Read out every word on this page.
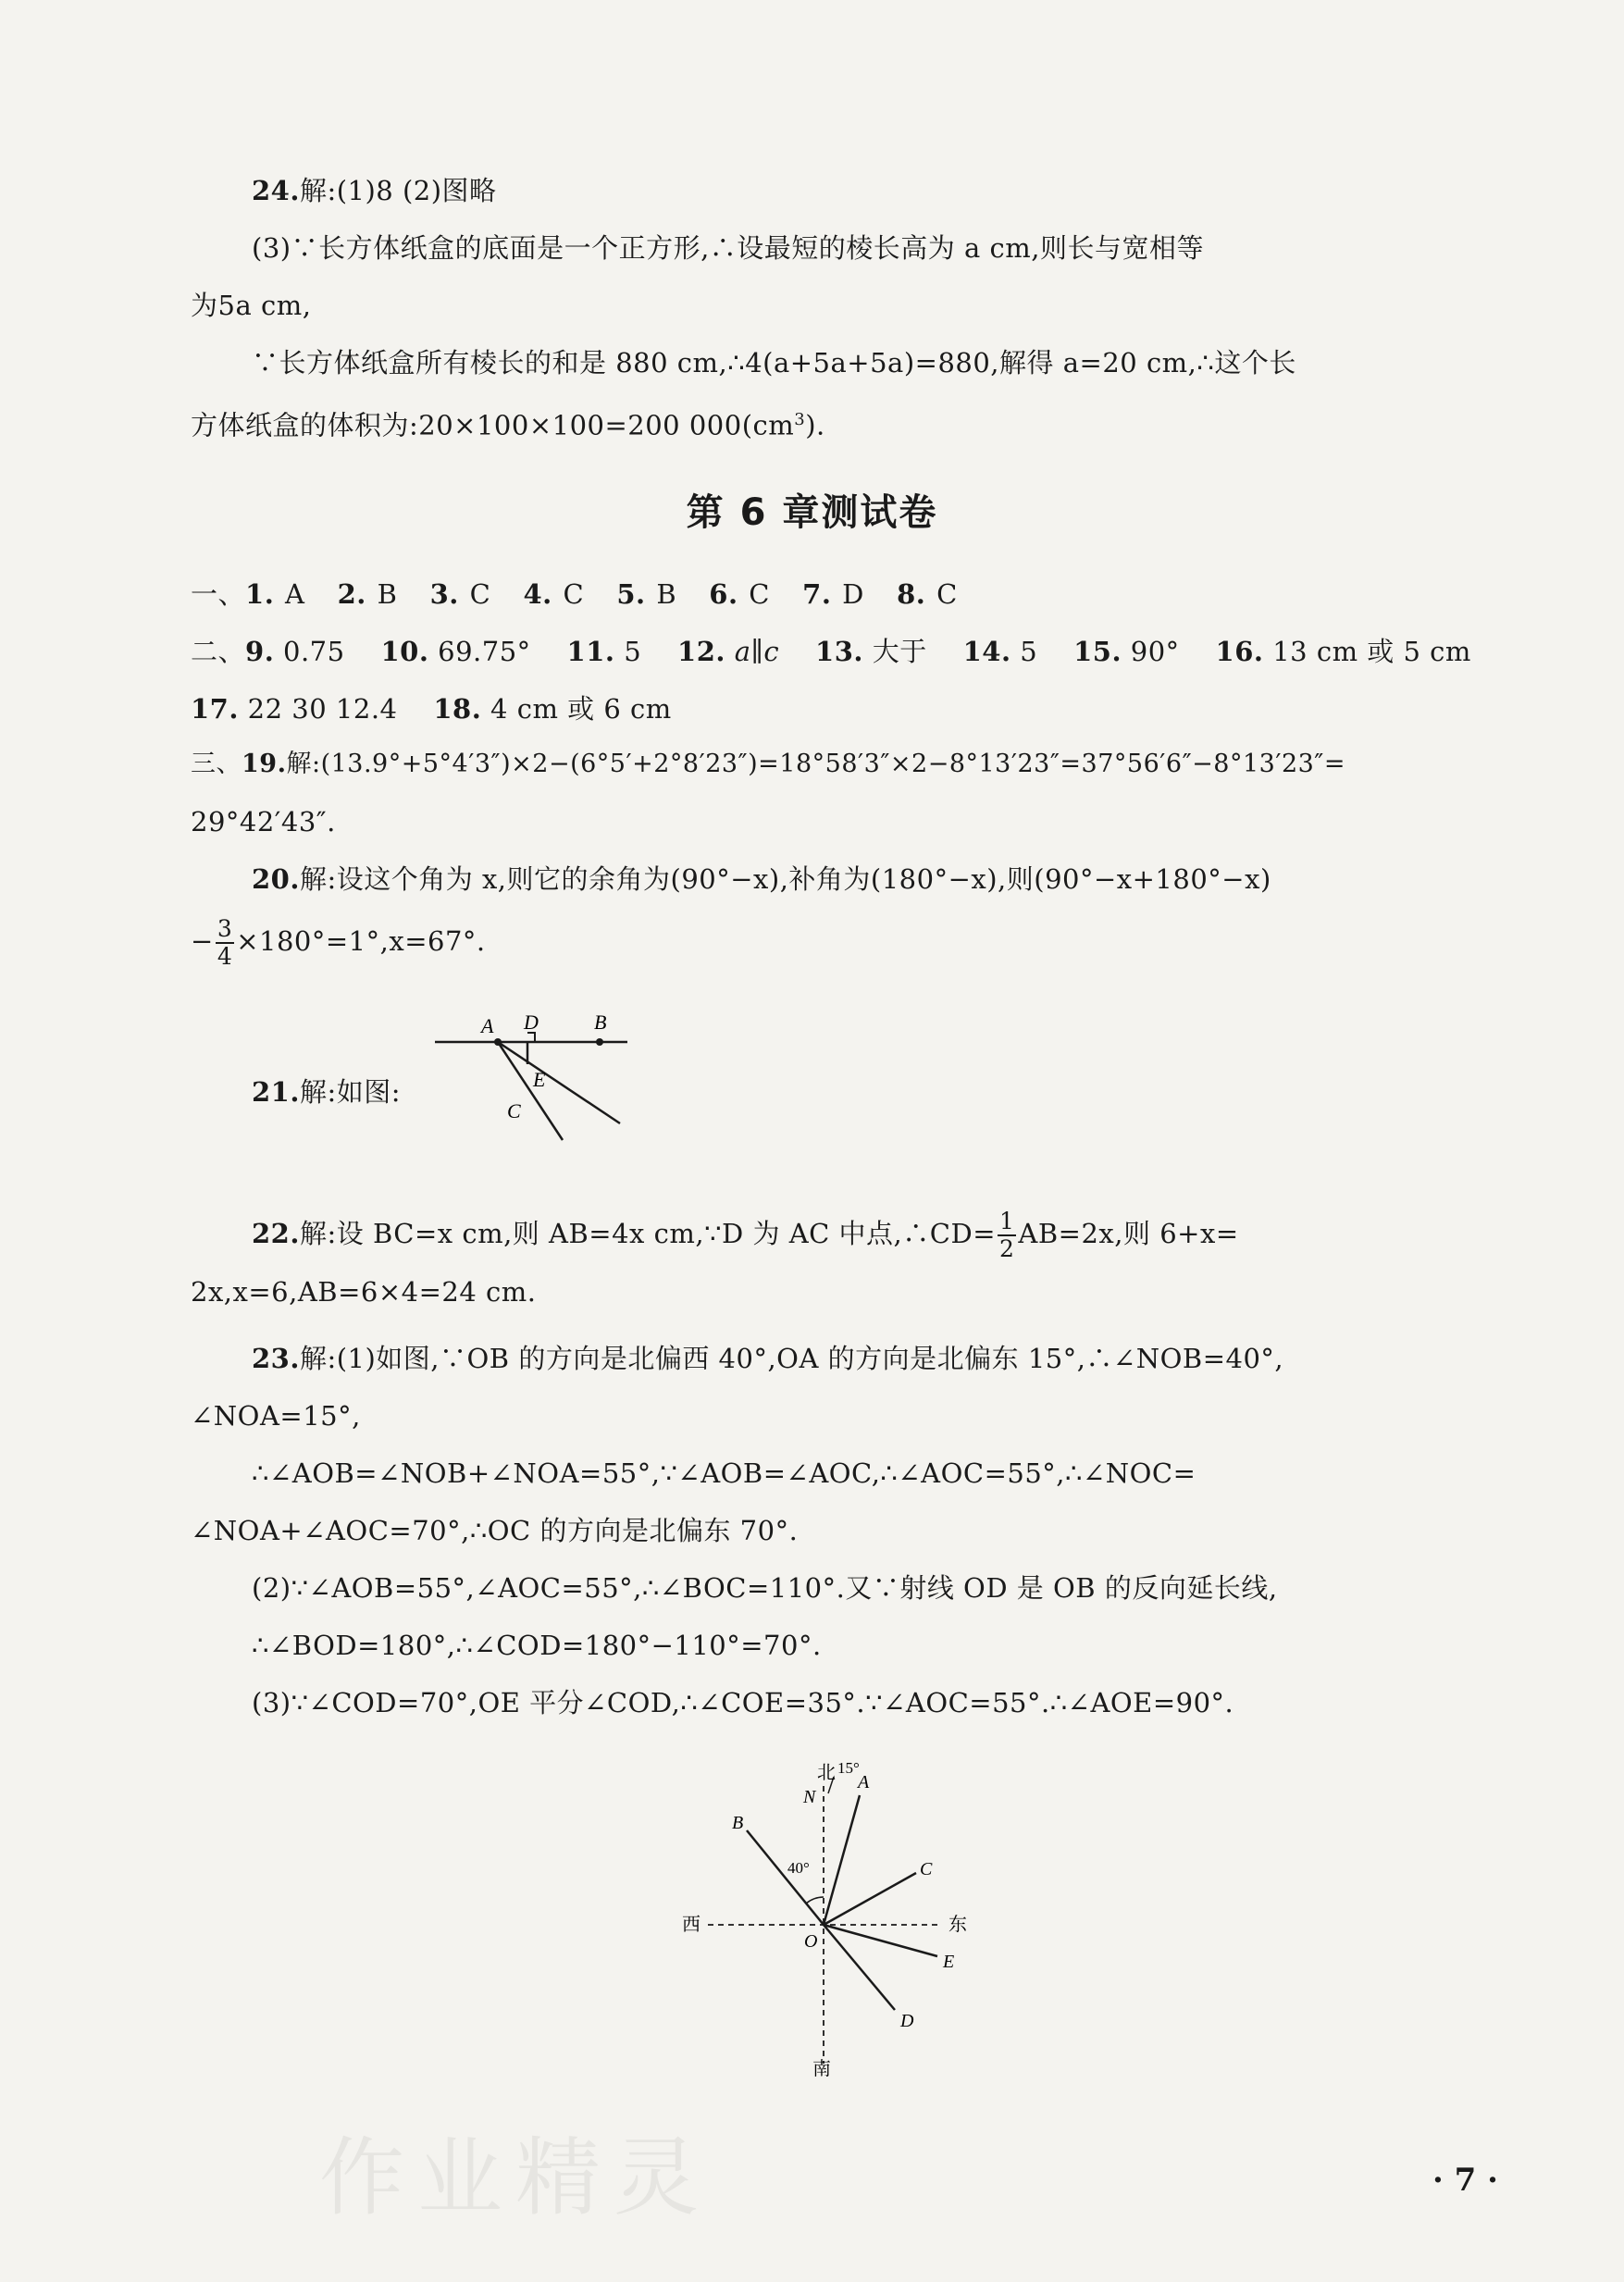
24.解:(1)8 (2)图略
(3)∵长方体纸盒的底面是一个正方形,∴设最短的棱长高为 a cm,则长与宽相等
为5a cm,
∵长方体纸盒所有棱长的和是 880 cm,∴4(a+5a+5a)=880,解得 a=20 cm,∴这个长
方体纸盒的体积为:20×100×100=200 $000(cm^3)$.
第 6 章测试卷
一、1. A 2. B 3. C 4. C 5. B 6. C 7. D 8. C
二、9. 0.75 10. 69.75° 11. 5 12. a∥c 13. 大于 14. 5 15. 90° 16. 13 cm 或 5 cm
17. 22 30 12.4 18. 4 cm 或 6 cm
三、19.解:(13.9°+5°4′3″)×2−(6°5′+2°8′23″)=18°58′3″×2−8°13′23″=37°56′6″−8°13′23″=
29°42′43″.
20.解:设这个角为 x,则它的余角为(90°−x),补角为(180°−x),则(90°−x+180°−x)
− $\frac{3}{4} \times 180^\circ=1^\circ,x=67^\circ$.
21.解:如图:
A D	B
E
C
22.解:设 BC=x cm,则 AB=4x cm,∵D 为 AC 中点,∴CD= $\frac{1}{2} AB=2x$,则 6+x=
2x,x=6,AB=6×4=24 cm.
23.解:(1)如图,∵OB 的方向是北偏西 40°,OA 的方向是北偏东 15°,∴∠NOB=40°,
∠NOA=15°,
∴∠AOB=∠NOB+∠NOA=55°,∵∠AOB=∠AOC,∴∠AOC=55°,∴∠NOC=
∠NOA+∠AOC=70°,∴OC 的方向是北偏东 70°.
(2)∵∠AOB=55°,∠AOC=55°,∴∠BOC=110°.又∵射线 OD 是 OB 的反向延长线,
∴∠BOD=180°,∴∠COD=180°−110°=70°.
(3)∵∠COD=70°,OE 平分∠COD,∴∠COE=35°.∵∠AOC=55°.∴∠AOE=90°.
北
南
东
西
N
O
A
B
C
D
E
15°
40°
作业精灵	· 7 ·
